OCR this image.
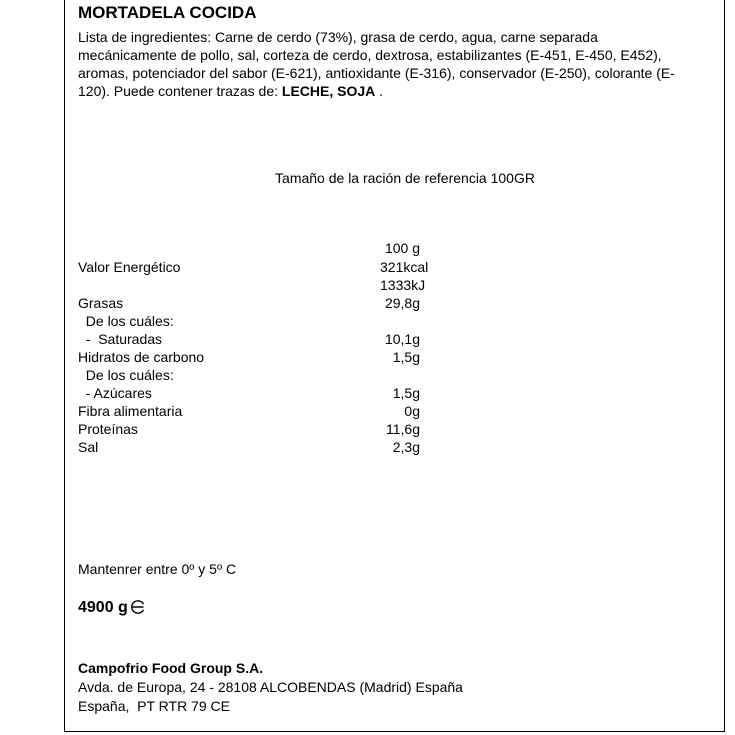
MORTADELA COCIDA
Lista de ingredientes: Carne de cerdo (73%), grasa de cerdo, agua, carne separada mecánicamente de pollo, sal, corteza de cerdo, dextrosa, estabilizantes (E-451, E-450, E452), aromas, potenciador del sabor (E-621), antioxidante (E-316), conservador (E-250), colorante (E-120). Puede contener trazas de: LECHE, SOJA .
Tamaño de la ración de referencia 100GR
100 g
Valor Energético	321kcal
1333kJ
Grasas	29,8g
De los cuáles:
-  Saturadas	10,1g
Hidratos de carbono	1,5g
De los cuáles:
- Azúcares	1,5g
Fibra alimentaria	0g
Proteínas	11,6g
Sal	2,3g
Mantenrer entre 0º y 5º C
4900 g
Campofrio Food Group S.A.
Avda. de Europa, 24 - 28108 ALCOBENDAS (Madrid) España
España,  PT RTR 79 CE
